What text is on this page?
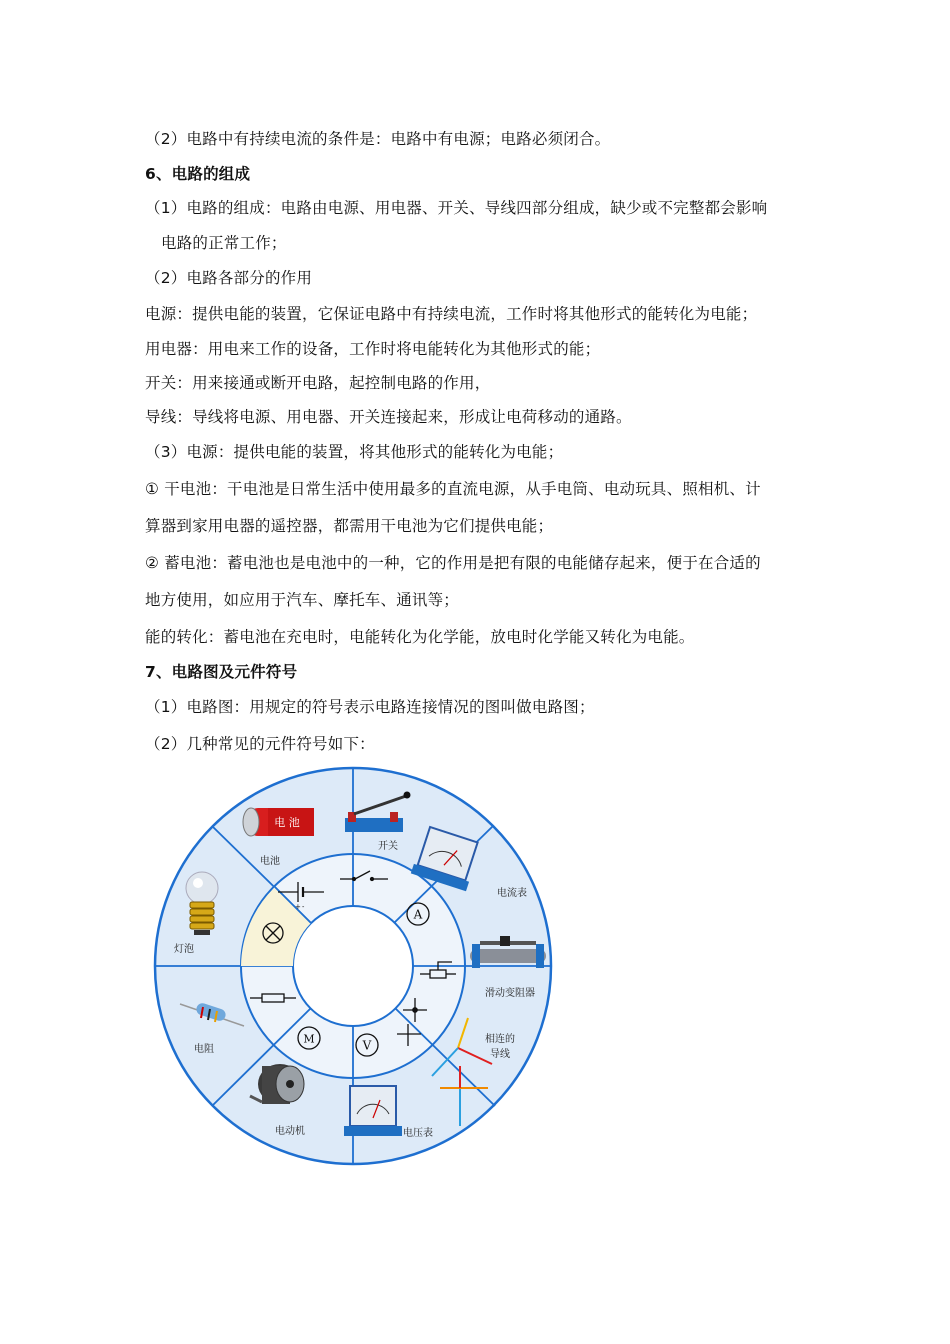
（2）电路中有持续电流的条件是：电路中有电源；电路必须闭合。
6、电路的组成
（1）电路的组成：电路由电源、用电器、开关、导线四部分组成，缺少或不完整都会影响
电路的正常工作；
（2）电路各部分的作用
电源：提供电能的装置，它保证电路中有持续电流，工作时将其他形式的能转化为电能；
用电器：用电来工作的设备，工作时将电能转化为其他形式的能；
开关：用来接通或断开电路，起控制电路的作用，
导线：导线将电源、用电器、开关连接起来，形成让电荷移动的通路。
（3）电源：提供电能的装置，将其他形式的能转化为电能；
① 干电池：干电池是日常生活中使用最多的直流电源，从手电筒、电动玩具、照相机、计
算器到家用电器的遥控器，都需用干电池为它们提供电能；
② 蓄电池：蓄电池也是电池中的一种，它的作用是把有限的电能储存起来，便于在合适的
地方使用，如应用于汽车、摩托车、通讯等；
能的转化：蓄电池在充电时，电能转化为化学能，放电时化学能又转化为电能。
7、电路图及元件符号
（1）电路图：用规定的符号表示电路连接情况的图叫做电路图；
（2）几种常见的元件符号如下：
电 池
电池
开关
电流表
滑动变阻器
相连的
导线
电压表
电动机
电阻
灯泡
+ -
A
V
M
